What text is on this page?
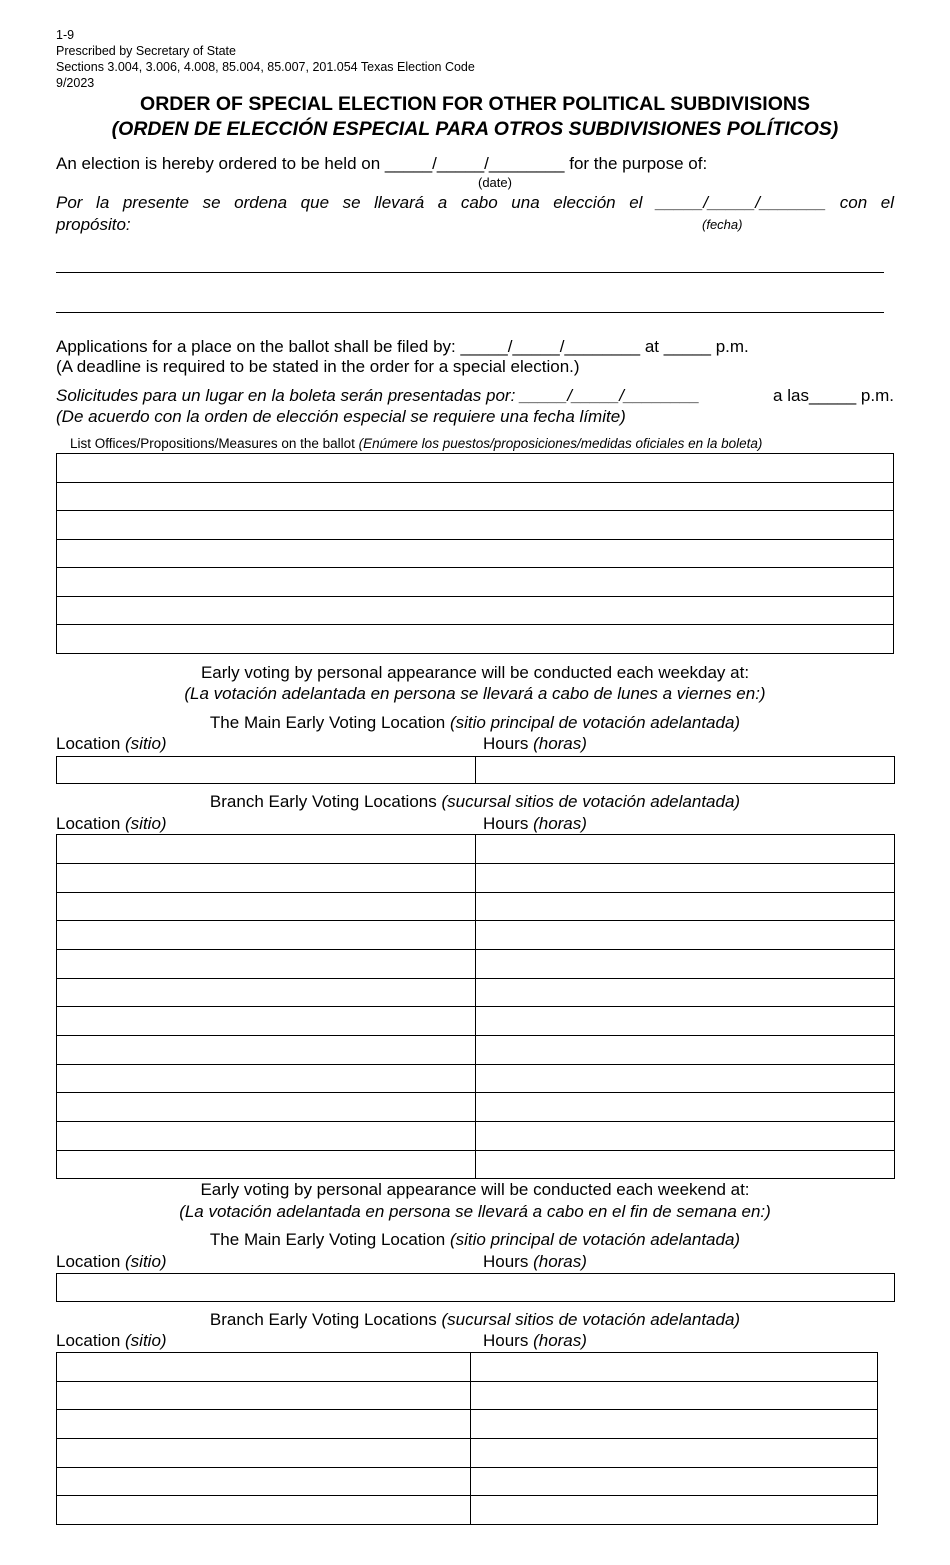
1-9
Prescribed by Secretary of State
Sections 3.004, 3.006, 4.008, 85.004, 85.007, 201.054 Texas Election Code
9/2023
ORDER OF SPECIAL ELECTION FOR OTHER POLITICAL SUBDIVISIONS
(ORDEN DE ELECCIÓN ESPECIAL PARA OTROS SUBDIVISIONES POLÍTICOS)
An election is hereby ordered to be held on _____/_____/________ for the purpose of:
(date)
Por la presente se ordena que se llevará a cabo una elección el _____/_____/_______ con el
propósito:	(fecha)
Applications for a place on the ballot shall be filed by: _____/_____/________ at _____ p.m.
(A deadline is required to be stated in the order for a special election.)
Solicitudes para un lugar en la boleta serán presentadas por: _____/_____/________	a las_____ p.m.
(De acuerdo con la orden de elección especial se requiere una fecha límite)
List Offices/Propositions/Measures on the ballot (Enúmere los puestos/proposiciones/medidas oficiales en la boleta)

Early voting by personal appearance will be conducted each weekday at:
(La votación adelantada en persona se llevará a cabo de lunes a viernes en:)
The Main Early Voting Location (sitio principal de votación adelantada)
Location (sitio)	Hours (horas)

Branch Early Voting Locations (sucursal sitios de votación adelantada)
Location (sitio)	Hours (horas)

Early voting by personal appearance will be conducted each weekend at:
(La votación adelantada en persona se llevará a cabo en el fin de semana en:)
The Main Early Voting Location (sitio principal de votación adelantada)
Location (sitio)	Hours (horas)
Branch Early Voting Locations (sucursal sitios de votación adelantada)
Location (sitio)	Hours (horas)
